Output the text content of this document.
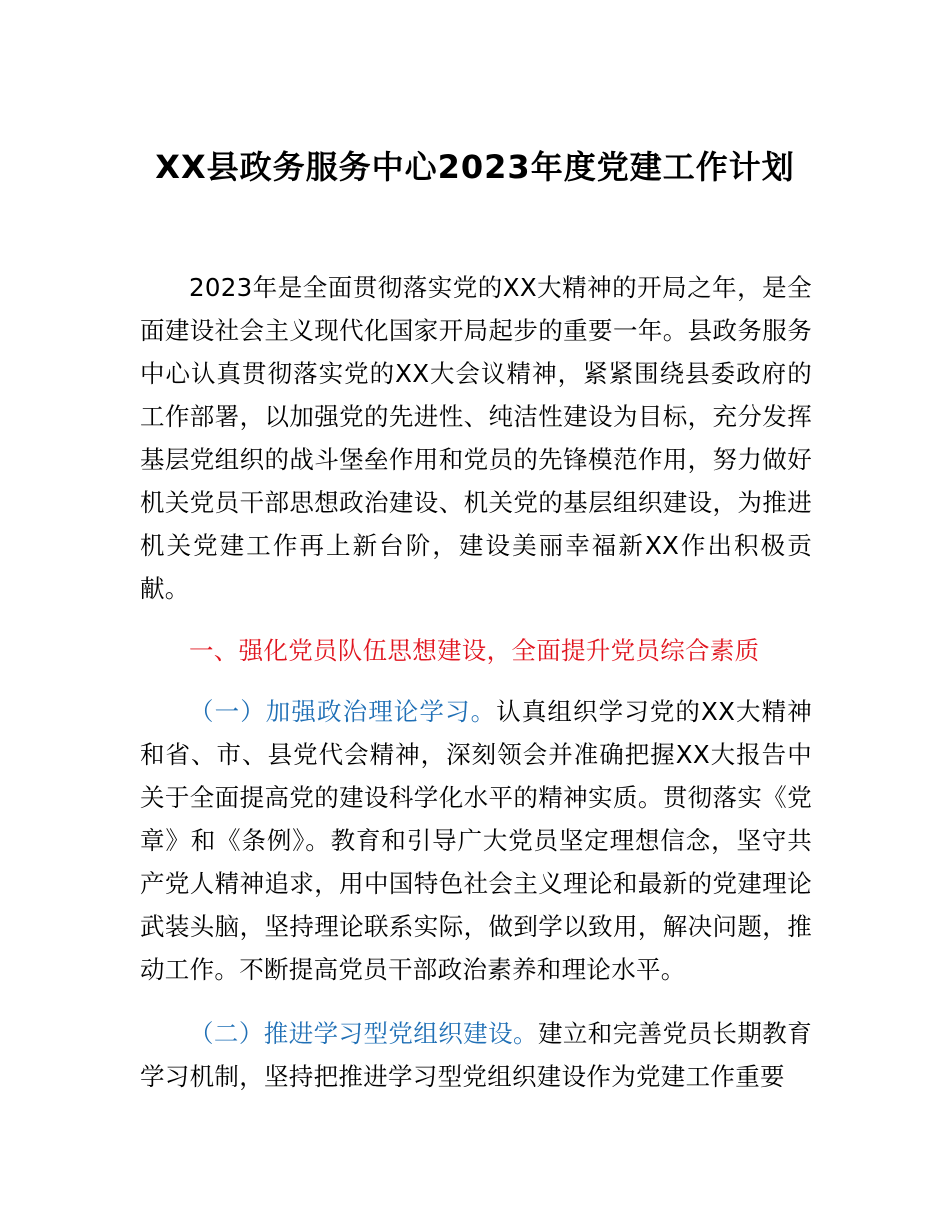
XX县政务服务中心2023年度党建工作计划

2023年是全面贯彻落实党的XX大精神的开局之年，是全面建设社会主义现代化国家开局起步的重要一年。县政务服务中心认真贯彻落实党的XX大会议精神，紧紧围绕县委政府的工作部署，以加强党的先进性、纯洁性建设为目标，充分发挥基层党组织的战斗堡垒作用和党员的先锋模范作用，努力做好机关党员干部思想政治建设、机关党的基层组织建设，为推进机关党建工作再上新台阶，建设美丽幸福新XX作出积极贡献。

一、强化党员队伍思想建设，全面提升党员综合素质

（一）加强政治理论学习。认真组织学习党的XX大精神和省、市、县党代会精神，深刻领会并准确把握XX大报告中关于全面提高党的建设科学化水平的精神实质。贯彻落实《党章》和《条例》。教育和引导广大党员坚定理想信念，坚守共产党人精神追求，用中国特色社会主义理论和最新的党建理论武装头脑，坚持理论联系实际，做到学以致用，解决问题，推动工作。不断提高党员干部政治素养和理论水平。

（二）推进学习型党组织建设。建立和完善党员长期教育学习机制，坚持把推进学习型党组织建设作为党建工作重要
